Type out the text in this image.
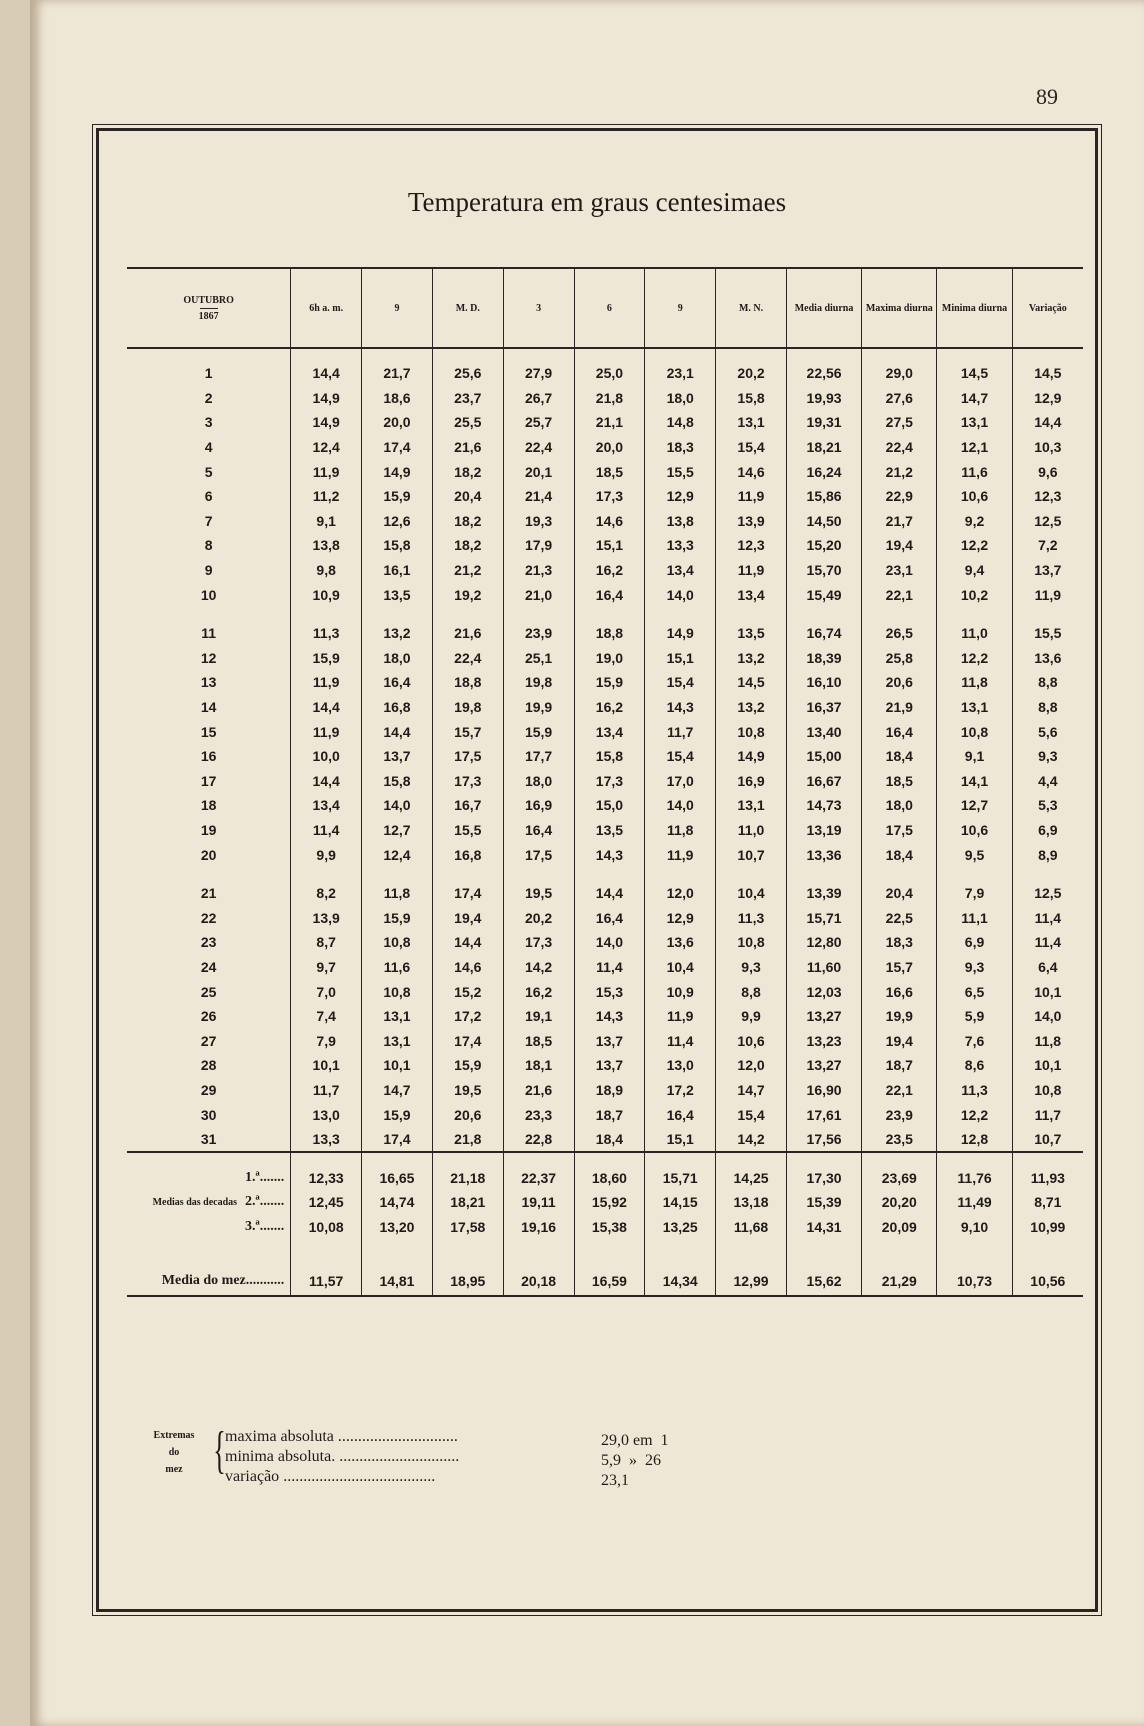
89
Temperatura em graus centesimaes
OUTUBRO
1867	6h a. m.	9	M. D.	3	6	9	M. N.	Media diurna	Maxima diurna	Minima diurna	Variação
1	14,4	21,7	25,6	27,9	25,0	23,1	20,2	22,56	29,0	14,5	14,5
2	14,9	18,6	23,7	26,7	21,8	18,0	15,8	19,93	27,6	14,7	12,9
3	14,9	20,0	25,5	25,7	21,1	14,8	13,1	19,31	27,5	13,1	14,4
4	12,4	17,4	21,6	22,4	20,0	18,3	15,4	18,21	22,4	12,1	10,3
5	11,9	14,9	18,2	20,1	18,5	15,5	14,6	16,24	21,2	11,6	9,6
6	11,2	15,9	20,4	21,4	17,3	12,9	11,9	15,86	22,9	10,6	12,3
7	9,1	12,6	18,2	19,3	14,6	13,8	13,9	14,50	21,7	9,2	12,5
8	13,8	15,8	18,2	17,9	15,1	13,3	12,3	15,20	19,4	12,2	7,2
9	9,8	16,1	21,2	21,3	16,2	13,4	11,9	15,70	23,1	9,4	13,7
10	10,9	13,5	19,2	21,0	16,4	14,0	13,4	15,49	22,1	10,2	11,9
11	11,3	13,2	21,6	23,9	18,8	14,9	13,5	16,74	26,5	11,0	15,5
12	15,9	18,0	22,4	25,1	19,0	15,1	13,2	18,39	25,8	12,2	13,6
13	11,9	16,4	18,8	19,8	15,9	15,4	14,5	16,10	20,6	11,8	8,8
14	14,4	16,8	19,8	19,9	16,2	14,3	13,2	16,37	21,9	13,1	8,8
15	11,9	14,4	15,7	15,9	13,4	11,7	10,8	13,40	16,4	10,8	5,6
16	10,0	13,7	17,5	17,7	15,8	15,4	14,9	15,00	18,4	9,1	9,3
17	14,4	15,8	17,3	18,0	17,3	17,0	16,9	16,67	18,5	14,1	4,4
18	13,4	14,0	16,7	16,9	15,0	14,0	13,1	14,73	18,0	12,7	5,3
19	11,4	12,7	15,5	16,4	13,5	11,8	11,0	13,19	17,5	10,6	6,9
20	9,9	12,4	16,8	17,5	14,3	11,9	10,7	13,36	18,4	9,5	8,9
21	8,2	11,8	17,4	19,5	14,4	12,0	10,4	13,39	20,4	7,9	12,5
22	13,9	15,9	19,4	20,2	16,4	12,9	11,3	15,71	22,5	11,1	11,4
23	8,7	10,8	14,4	17,3	14,0	13,6	10,8	12,80	18,3	6,9	11,4
24	9,7	11,6	14,6	14,2	11,4	10,4	9,3	11,60	15,7	9,3	6,4
25	7,0	10,8	15,2	16,2	15,3	10,9	8,8	12,03	16,6	6,5	10,1
26	7,4	13,1	17,2	19,1	14,3	11,9	9,9	13,27	19,9	5,9	14,0
27	7,9	13,1	17,4	18,5	13,7	11,4	10,6	13,23	19,4	7,6	11,8
28	10,1	10,1	15,9	18,1	13,7	13,0	12,0	13,27	18,7	8,6	10,1
29	11,7	14,7	19,5	21,6	18,9	17,2	14,7	16,90	22,1	11,3	10,8
30	13,0	15,9	20,6	23,3	18,7	16,4	15,4	17,61	23,9	12,2	11,7
31	13,3	17,4	21,8	22,8	18,4	15,1	14,2	17,56	23,5	12,8	10,7
1.ª.......	12,33	16,65	21,18	22,37	18,60	15,71	14,25	17,30	23,69	11,76	11,93
Medias das decadas 2.ª.......	12,45	14,74	18,21	19,11	15,92	14,15	13,18	15,39	20,20	11,49	8,71
3.ª.......	10,08	13,20	17,58	19,16	15,38	13,25	11,68	14,31	20,09	9,10	10,99
Media do mez...........	11,57	14,81	18,95	20,18	16,59	14,34	12,99	15,62	21,29	10,73	10,56
Extremas
do
mez { maxima absoluta ..............................
minima absoluta. ..............................
variação ......................................
29,0 em  1
5,9  »  26
23,1
